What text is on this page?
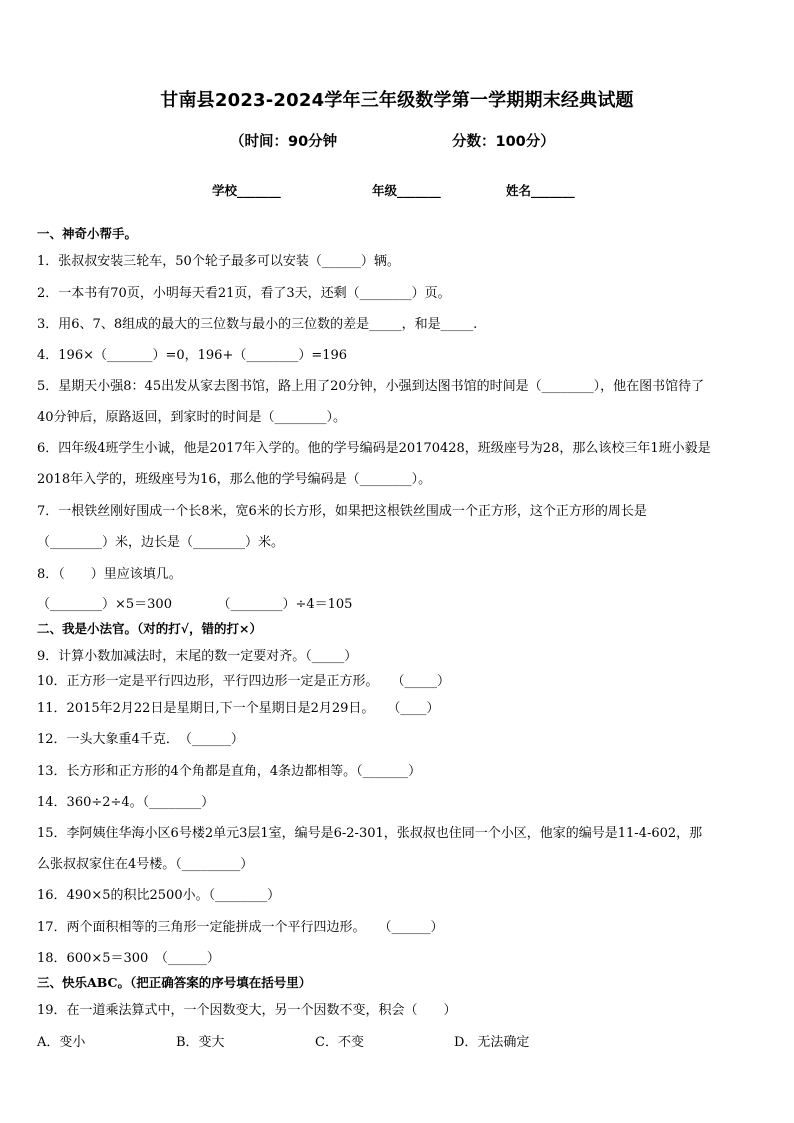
甘南县2023-2024学年三年级数学第一学期期末经典试题
（时间：90分钟	分数：100分）
学校_______	年级_______	姓名_______
一、神奇小帮手。
1．张叔叔安装三轮车，50个轮子最多可以安装（______）辆。
2．一本书有70页，小明每天看21页，看了3天，还剩（________）页。
3．用6、7、8组成的最大的三位数与最小的三位数的差是_____，和是_____.
4．196×（_______）=0，196+（________）=196
5．星期天小强8：45出发从家去图书馆，路上用了20分钟，小强到达图书馆的时间是（________），他在图书馆待了
40分钟后，原路返回，到家时的时间是（________）。
6．四年级4班学生小诚，他是2017年入学的。他的学号编码是20170428，班级座号为28，那么该校三年1班小毅是
2018年入学的，班级座号为16，那么他的学号编码是（________）。
7．一根铁丝刚好围成一个长8米，宽6米的长方形，如果把这根铁丝围成一个正方形，这个正方形的周长是
（________）米，边长是（________）米。
8．（　　）里应该填几。
（________）×5＝300　　　　（________）÷4＝105
二、我是小法官。（对的打√，错的打×）
9．计算小数加减法时，末尾的数一定要对齐。（_____）
10．正方形一定是平行四边形，平行四边形一定是正方形。　　（_____）
11．2015年2月22日是星期日,下一个星期日是2月29日。　　（____）
12．一头大象重4千克．　（______）
13．长方形和正方形的4个角都是直角，4条边都相等。（_______）
14．360÷2÷4。（________）
15．李阿姨住华海小区6号楼2单元3层1室，编号是6-2-301，张叔叔也住同一个小区，他家的编号是11-4-602，那
么张叔叔家住在4号楼。（_________）
16．490×5的积比2500小。（________）
17．两个面积相等的三角形一定能拼成一个平行四边形。　　（______）
18．600×5＝300　（______）
三、快乐ABC。（把正确答案的序号填在括号里）
19．在一道乘法算式中，一个因数变大，另一个因数不变，积会（　　）
A．变小	B．变大	C．不变	D．无法确定
